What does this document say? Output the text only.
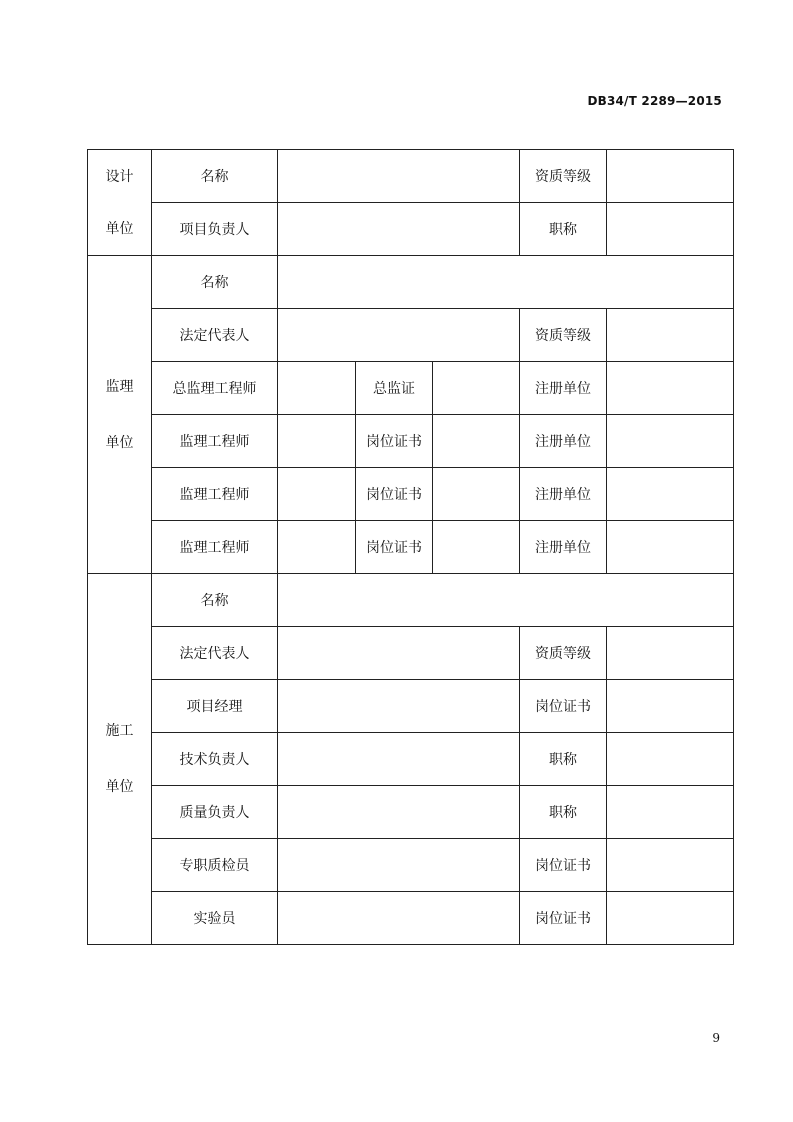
DB34/T 2289—2015
设计
单位	名称				资质等级	
	项目负责人				职称	

监理
单位	名称					
	法定代表人				资质等级	
	总监理工程师		总监证		注册单位	
	监理工程师		岗位证书		注册单位	
	监理工程师		岗位证书		注册单位	
	监理工程师		岗位证书		注册单位	

施工
单位	名称					
	法定代表人				资质等级	
	项目经理				岗位证书	
	技术负责人				职称	
	质量负责人				职称	
	专职质检员				岗位证书	
	实验员				岗位证书	
9
